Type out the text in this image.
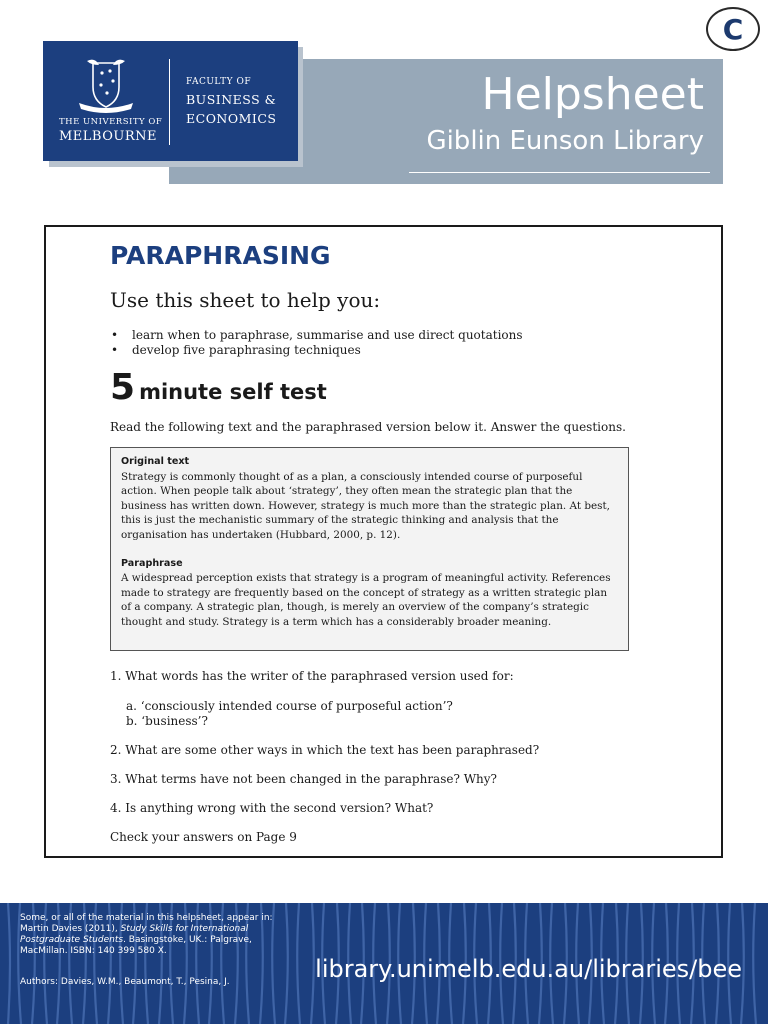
C
Helpsheet
Giblin Eunson Library
THE UNIVERSITY OF
MELBOURNE
FACULTY OF
BUSINESS &
ECONOMICS
PARAPHRASING
Use this sheet to help you:
• learn when to paraphrase, summarise and use direct quotations
• develop five paraphrasing techniques
5 minute self test
Read the following text and the paraphrased version below it. Answer the questions.
Original text

Strategy is commonly thought of as a plan, a consciously intended course of purposeful action. When people talk about ‘strategy’, they often mean the strategic plan that the business has written down. However, strategy is much more than the strategic plan. At best, this is just the mechanistic summary of the strategic thinking and analysis that the organisation has undertaken (Hubbard, 2000, p. 12).

Paraphrase

A widespread perception exists that strategy is a program of meaningful activity. References made to strategy are frequently based on the concept of strategy as a written strategic plan of a company. A strategic plan, though, is merely an overview of the company’s strategic thought and study. Strategy is a term which has a considerably broader meaning.

1. What words has the writer of the paraphrased version used for:

a. ‘consciously intended course of purposeful action’?

b. ‘business’?

2. What are some other ways in which the text has been paraphrased?

3. What terms have not been changed in the paraphrase? Why?

4. Is anything wrong with the second version? What?

Check your answers on Page 9

Some, or all of the material in this helpsheet, appear in: Martin Davies (2011), Study Skills for International Postgraduate Students. Basingstoke, UK.: Palgrave, MacMillan. ISBN: 140 399 580 X.
Authors: Davies, W.M., Beaumont, T., Pesina, J.	library.unimelb.edu.au/libraries/bee
